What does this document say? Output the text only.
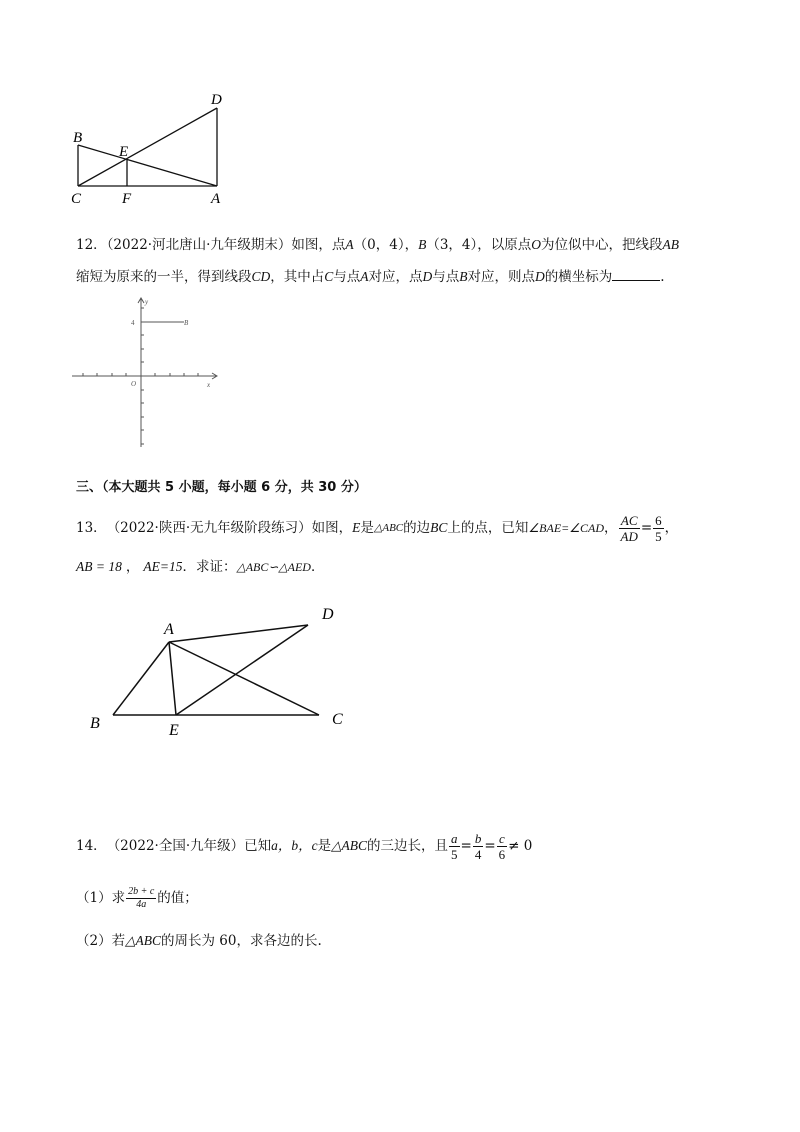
D
B
E
C	F	A
12．（2022·河北唐山·九年级期末）如图，点A（0，4），B（3，4），以原点O为位似中心，把线段AB
缩短为原来的一半，得到线段CD，其中占C与点A对应，点D与点B对应，则点D的横坐标为	.
y
x
O
4	B
三、（本大题共 5 小题，每小题 6 分，共 30 分）
13． （2022·陕西·无九年级阶段练习） 如图， E 是 △ABC 的边 BC 上的点，已知 ∠BAE=∠CAD ， $\frac{AC}{AD} = \frac{6}{5}$ ，
AB = 18 ， AE=15．求证：△ABC∽△AED．
A
D
B	E
C
14． （2022·全国·九年级） 已知 a，b，c 是 △ABC 的三边长，且 $\frac{a}{5} = \frac{b}{4} = \frac{c}{6} \ne 0$
（1）求 $\frac{2b + c}{4a}$ 的值；
（2）若△ABC的周长为 60，求各边的长.
